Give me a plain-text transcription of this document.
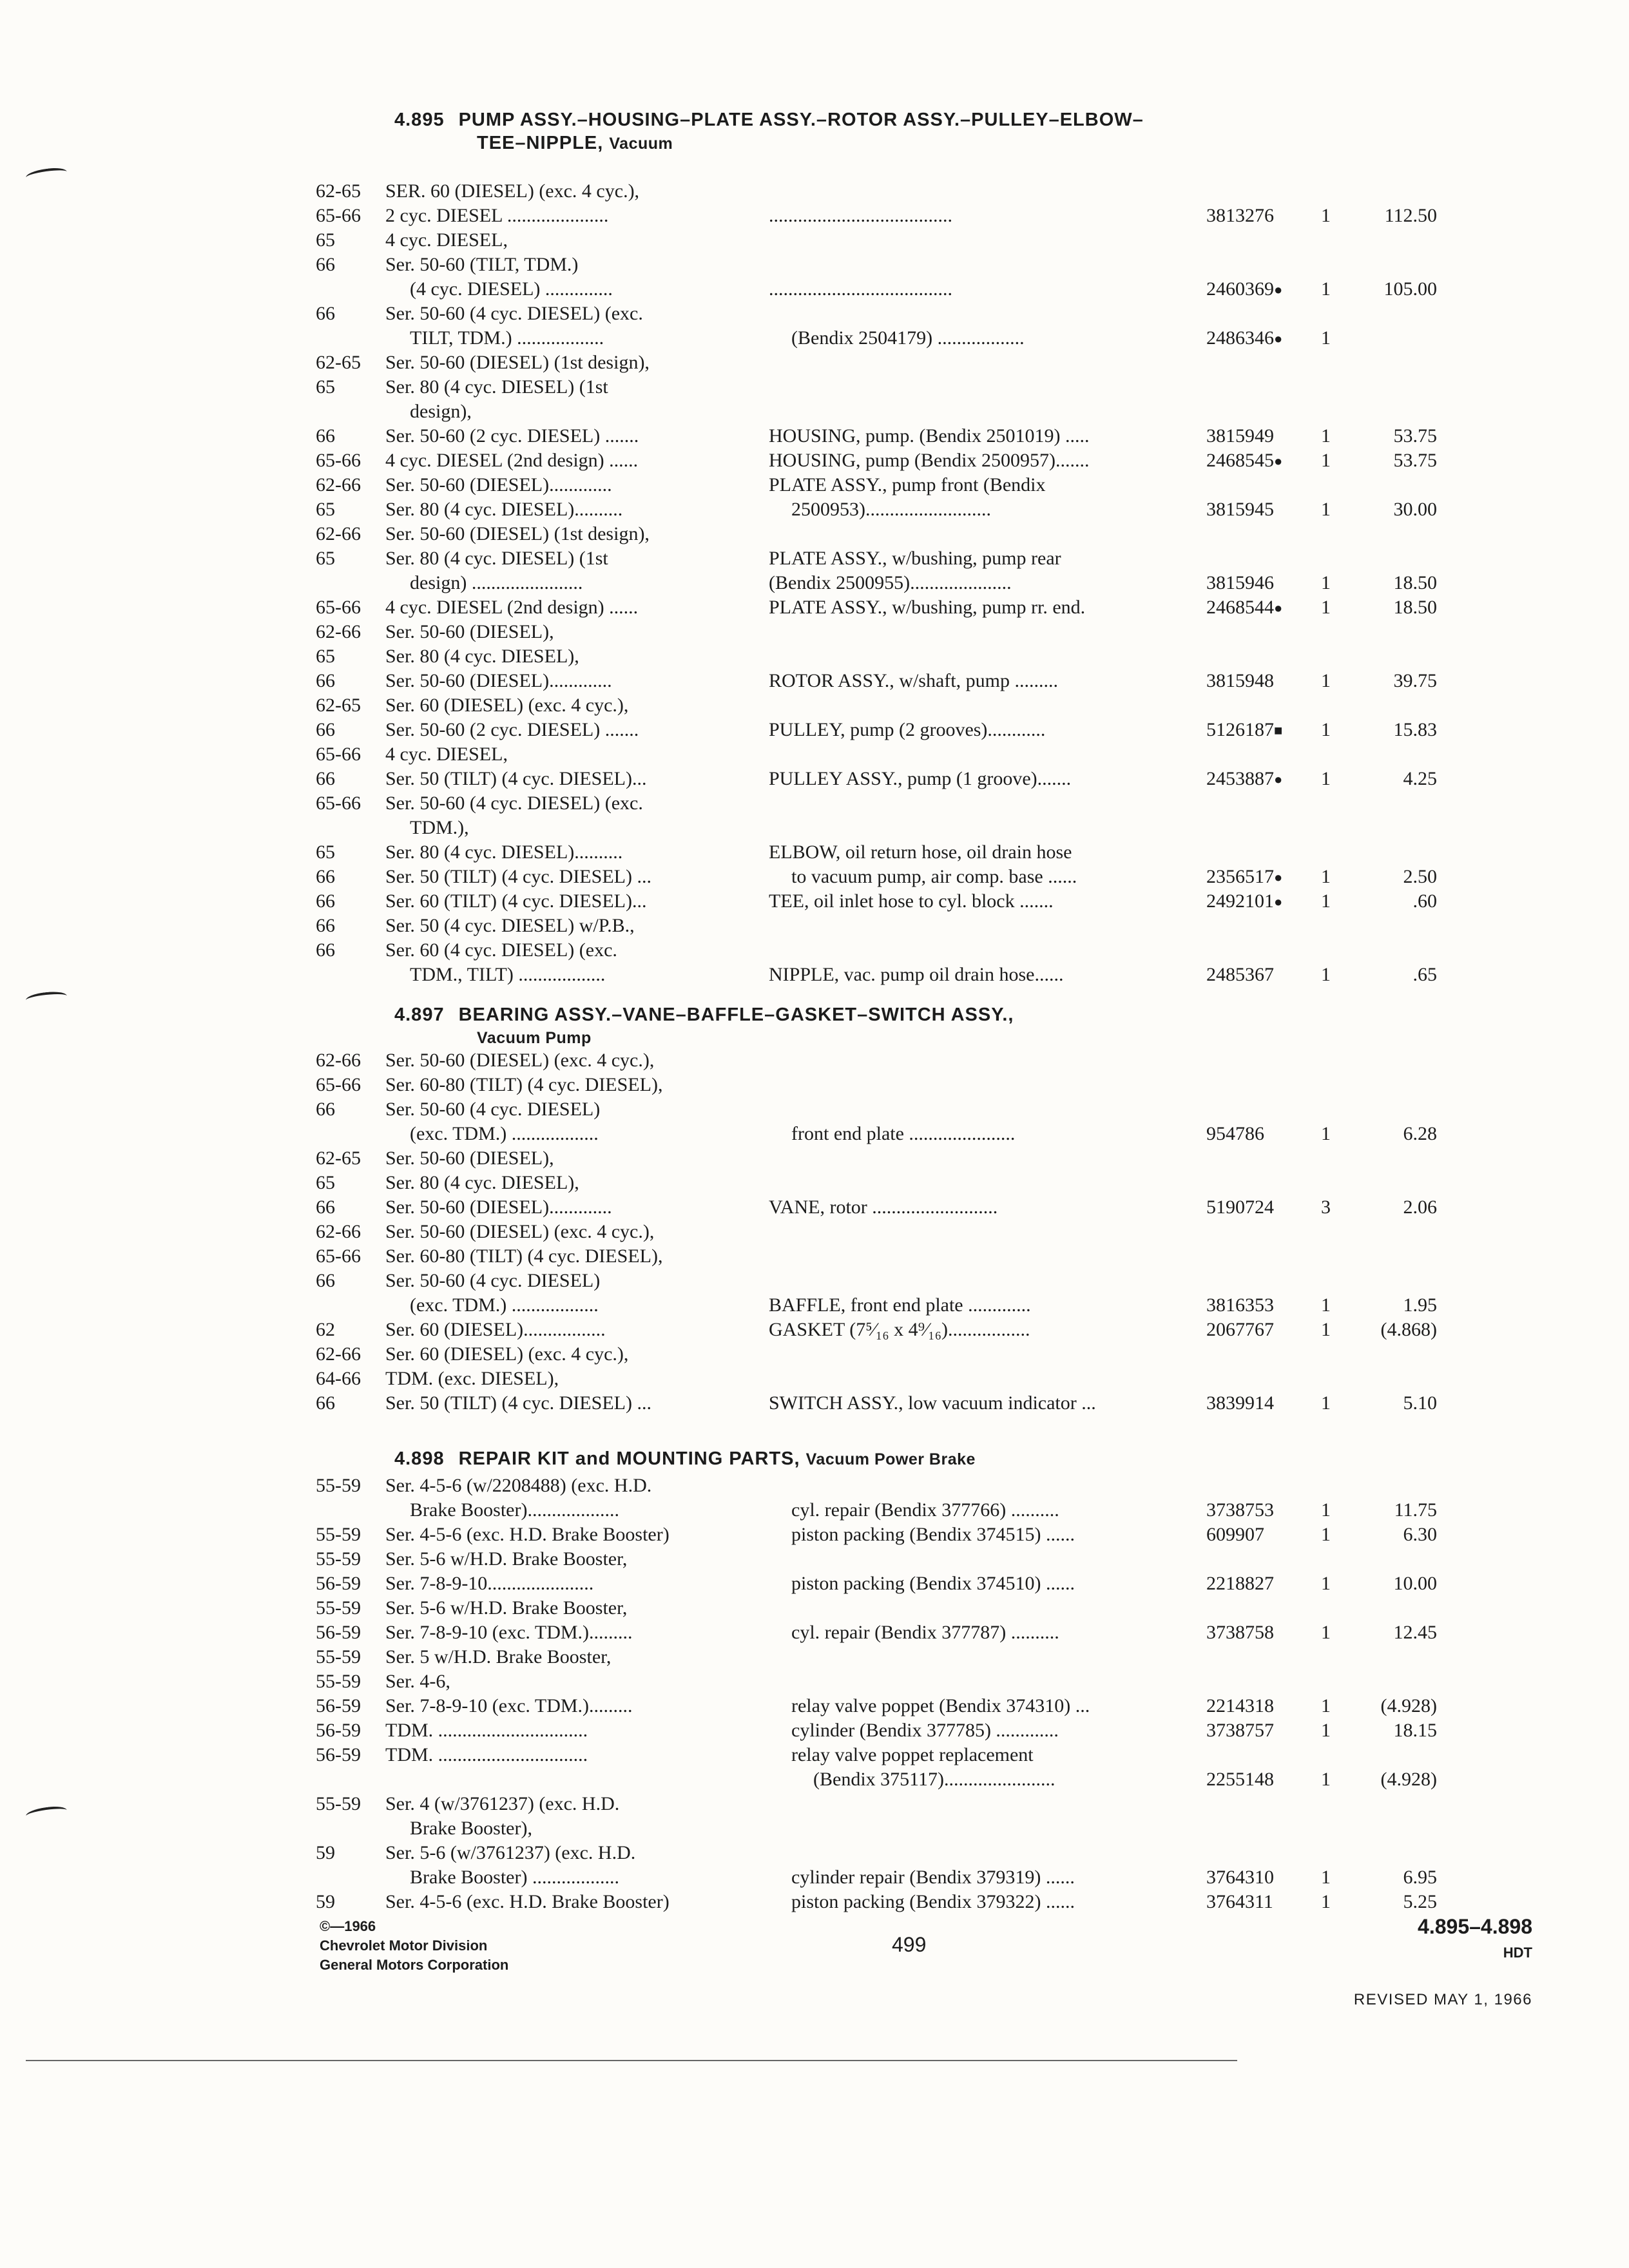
4.895 PUMP ASSY.–HOUSING–PLATE ASSY.–ROTOR ASSY.–PULLEY–ELBOW–
TEE–NIPPLE, Vacuum
62-65 SER. 60 (DIESEL) (exc. 4 cyc.),
65-66 2 cyc. DIESEL .....................	......................................	3813276 1	112.50
65	4 cyc. DIESEL,
66	Ser. 50-60 (TILT, TDM.)
(4 cyc. DIESEL) ..............	......................................	2460369● 1	105.00
66	Ser. 50-60 (4 cyc. DIESEL) (exc.
TILT, TDM.) ..................	(Bendix 2504179) ..................	2486346● 1
62-65 Ser. 50-60 (DIESEL) (1st design),
65	Ser. 80 (4 cyc. DIESEL) (1st
design),
66	Ser. 50-60 (2 cyc. DIESEL) .......	HOUSING, pump. (Bendix 2501019) .....	3815949 1	53.75
65-66 4 cyc. DIESEL (2nd design) ......	HOUSING, pump (Bendix 2500957).......	2468545● 1	53.75
62-66 Ser. 50-60 (DIESEL).............	PLATE ASSY., pump front (Bendix
65	Ser. 80 (4 cyc. DIESEL)..........	2500953)..........................	3815945 1	30.00
62-66 Ser. 50-60 (DIESEL) (1st design),
65	Ser. 80 (4 cyc. DIESEL) (1st	PLATE ASSY., w/bushing, pump rear
design) .......................	(Bendix 2500955).....................	3815946 1	18.50
65-66 4 cyc. DIESEL (2nd design) ......	PLATE ASSY., w/bushing, pump rr. end.	2468544● 1	18.50
62-66 Ser. 50-60 (DIESEL),
65	Ser. 80 (4 cyc. DIESEL),
66	Ser. 50-60 (DIESEL).............	ROTOR ASSY., w/shaft, pump .........	3815948 1	39.75
62-65 Ser. 60 (DIESEL) (exc. 4 cyc.),
66	Ser. 50-60 (2 cyc. DIESEL) .......	PULLEY, pump (2 grooves)............	5126187■ 1	15.83
65-66 4 cyc. DIESEL,
66	Ser. 50 (TILT) (4 cyc. DIESEL)...	PULLEY ASSY., pump (1 groove).......	2453887● 1	4.25
65-66 Ser. 50-60 (4 cyc. DIESEL) (exc.
TDM.),
65	Ser. 80 (4 cyc. DIESEL)..........	ELBOW, oil return hose, oil drain hose
66	Ser. 50 (TILT) (4 cyc. DIESEL) ...	to vacuum pump, air comp. base ......	2356517● 1	2.50
66	Ser. 60 (TILT) (4 cyc. DIESEL)...	TEE, oil inlet hose to cyl. block .......	2492101● 1	.60
66	Ser. 50 (4 cyc. DIESEL) w/P.B.,
66	Ser. 60 (4 cyc. DIESEL) (exc.
TDM., TILT) ..................	NIPPLE, vac. pump oil drain hose......	2485367 1	.65
4.897 BEARING ASSY.–VANE–BAFFLE–GASKET–SWITCH ASSY.,
Vacuum Pump
62-66 Ser. 50-60 (DIESEL) (exc. 4 cyc.),
65-66 Ser. 60-80 (TILT) (4 cyc. DIESEL),
66	Ser. 50-60 (4 cyc. DIESEL)
(exc. TDM.) ..................	front end plate ......................	954786	1	6.28
62-65 Ser. 50-60 (DIESEL),
65	Ser. 80 (4 cyc. DIESEL),
66	Ser. 50-60 (DIESEL).............	VANE, rotor ..........................	5190724 3	2.06
62-66 Ser. 50-60 (DIESEL) (exc. 4 cyc.),
65-66 Ser. 60-80 (TILT) (4 cyc. DIESEL),
66	Ser. 50-60 (4 cyc. DIESEL)
(exc. TDM.) ..................	BAFFLE, front end plate .............	3816353 1	1.95
62	Ser. 60 (DIESEL).................	GASKET (7⁵⁄₁₆ x 4⁹⁄₁₆).................	2067767 1	(4.868)
62-66 Ser. 60 (DIESEL) (exc. 4 cyc.),
64-66 TDM. (exc. DIESEL),
66	Ser. 50 (TILT) (4 cyc. DIESEL) ...	SWITCH ASSY., low vacuum indicator ...	3839914 1	5.10
4.898 REPAIR KIT and MOUNTING PARTS, Vacuum Power Brake
55-59 Ser. 4-5-6 (w/2208488) (exc. H.D.
Brake Booster)...................	cyl. repair (Bendix 377766) ..........	3738753 1	11.75
55-59 Ser. 4-5-6 (exc. H.D. Brake Booster)	piston packing (Bendix 374515) ......	609907	1	6.30
55-59 Ser. 5-6 w/H.D. Brake Booster,
56-59 Ser. 7-8-9-10......................	piston packing (Bendix 374510) ......	2218827 1	10.00
55-59 Ser. 5-6 w/H.D. Brake Booster,
56-59 Ser. 7-8-9-10 (exc. TDM.).........	cyl. repair (Bendix 377787) ..........	3738758 1	12.45
55-59 Ser. 5 w/H.D. Brake Booster,
55-59 Ser. 4-6,
56-59 Ser. 7-8-9-10 (exc. TDM.).........	relay valve poppet (Bendix 374310) ...	2214318 1	(4.928)
56-59 TDM. ...............................	cylinder (Bendix 377785) .............	3738757 1	18.15
56-59 TDM. ...............................	relay valve poppet replacement
(Bendix 375117).......................	2255148 1	(4.928)
55-59 Ser. 4 (w/3761237) (exc. H.D.
Brake Booster),
59	Ser. 5-6 (w/3761237) (exc. H.D.
Brake Booster) ..................	cylinder repair (Bendix 379319) ......	3764310 1	6.95
59	Ser. 4-5-6 (exc. H.D. Brake Booster)	piston packing (Bendix 379322) ......	3764311 1	5.25
©—1966
Chevrolet Motor Division
General Motors Corporation
499
4.895–4.898
HDT
REVISED MAY 1, 1966
